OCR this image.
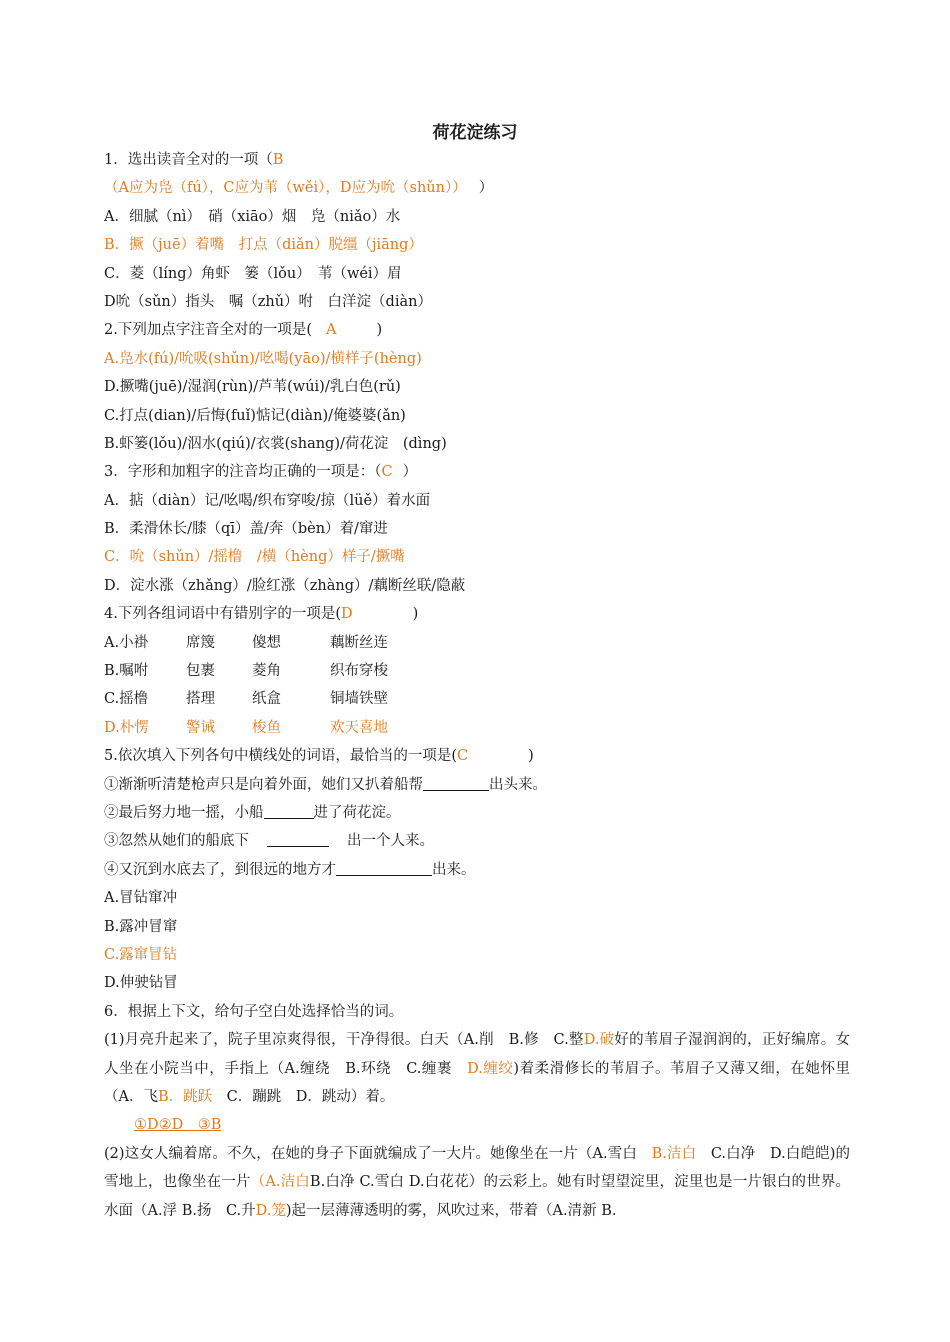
荷花淀练习
1．选出读音全对的一项（B
（A应为凫（fú），C应为苇（wěi），D应为吮（shǔn）） ）
A．细腻（nì）　硝（xiāo）烟　凫（niǎo）水
B．撅（juē）着嘴　打点（diǎn）脱缰（jiāng）
C．菱（líng）角虾　篓（lǒu）　苇（wéi）眉
D吮（sǔn）指头　嘱（zhǔ）咐　白洋淀（diàn）
2.下列加点字注音全对的一项是( A	)
A.凫水(fú)/吮吸(shǔn)/吆喝(yāo)/横样子(hèng)
D.撅嘴(juē)/湿润(rùn)/芦苇(wúi)/乳白色(rǔ)
C.打点(dian)/后悔(fuǐ)惦记(diàn)/俺婆婆(ǎn)
B.虾篓(lǒu)/泅水(qiú)/衣裳(shang)/荷花淀　(dìng)
3．字形和加粗字的注音均正确的一项是：（C ）
A．掂（diàn）记/吆喝/织布穿唆/掠（lüě）着水面
B．柔滑休长/膝（qī）盖/奔（bèn）着/窜进
C．吮（shǔn）/摇橹　/横（hèng）样子/撅嘴
D．淀水涨（zhǎng）/脸红涨（zhàng）/藕断丝联/隐蔽
4.下列各组词语中有错别字的一项是(D	)
A.小褂	席篾	傻想	藕断丝连
B.嘱咐	包裹	菱角	织布穿梭
C.摇橹	搭理	纸盒	铜墙铁壁
D.朴愣	警诫	梭鱼	欢天喜地
5.依次填入下列各句中横线处的词语，最恰当的一项是(C	)
①渐渐听清楚枪声只是向着外面，她们又扒着船帮	出头来。
②最后努力地一摇，小船	进了荷花淀。
③忽然从她们的船底下	出一个人来。
④又沉到水底去了，到很远的地方才	出来。
A.冒钻窜冲
B.露冲冒窜
C.露窜冒钻
D.伸驶钻冒
6．根据上下文，给句子空白处选择恰当的词。
(1)月亮升起来了，院子里凉爽得很，干净得很。白天（A.削　B.修　C.整D.破好的苇眉子湿润润的，正好编席。女人坐在小院当中，手指上（A.缠绕　B.环绕　C.缠裹　D.缠绞)着柔滑修长的苇眉子。苇眉子又薄又细，在她怀里　（A．飞B．跳跃　C．蹦跳　D．跳动）着。
①D②D　③B
(2)这女人编着席。不久，在她的身子下面就编成了一大片。她像坐在一片（A.雪白　B.洁白　C.白净　D.白皑皑)的雪地上，也像坐在一片（A.洁白B.白净 C.雪白 D.白花花）的云彩上。她有时望望淀里，淀里也是一片银白的世界。水面（A.浮 B.扬　C.升D.笼)起一层薄薄透明的雾，风吹过来，带着（A.清新 B.
